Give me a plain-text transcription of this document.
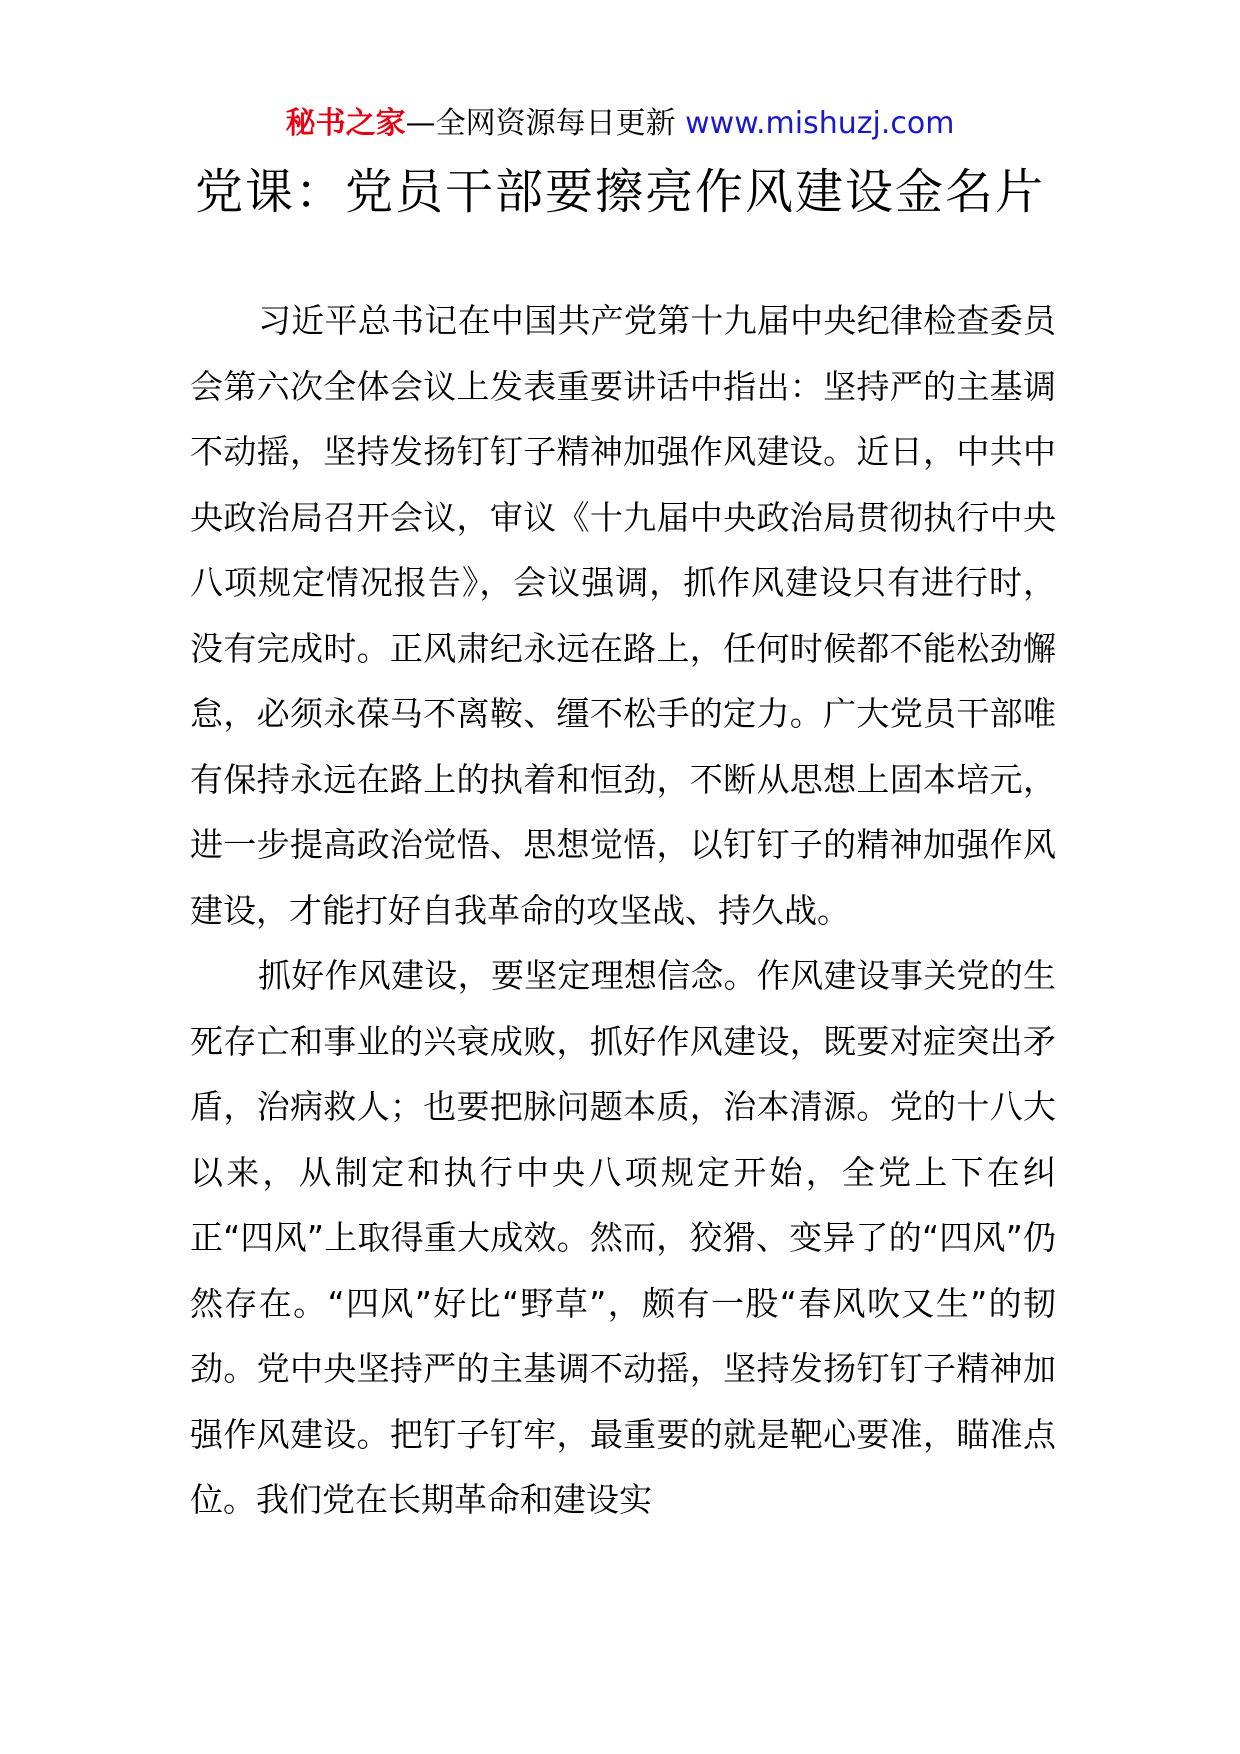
秘书之家—全网资源每日更新 www.mishuzj.com
党课：党员干部要擦亮作风建设金名片

习近平总书记在中国共产党第十九届中央纪律检查委员会第六次全体会议上发表重要讲话中指出：坚持严的主基调不动摇，坚持发扬钉钉子精神加强作风建设。近日，中共中央政治局召开会议，审议《十九届中央政治局贯彻执行中央八项规定情况报告》，会议强调，抓作风建设只有进行时，没有完成时。正风肃纪永远在路上，任何时候都不能松劲懈怠，必须永葆马不离鞍、缰不松手的定力。广大党员干部唯有保持永远在路上的执着和恒劲，不断从思想上固本培元，进一步提高政治觉悟、思想觉悟，以钉钉子的精神加强作风建设，才能打好自我革命的攻坚战、持久战。

抓好作风建设，要坚定理想信念。作风建设事关党的生死存亡和事业的兴衰成败，抓好作风建设，既要对症突出矛盾，治病救人；也要把脉问题本质，治本清源。党的十八大以来，从制定和执行中央八项规定开始，全党上下在纠正“四风”上取得重大成效。然而，狡猾、变异了的“四风”仍然存在。“四风”好比“野草”，颇有一股“春风吹又生”的韧劲。党中央坚持严的主基调不动摇，坚持发扬钉钉子精神加强作风建设。把钉子钉牢，最重要的就是靶心要准，瞄准点位。我们党在长期革命和建设实
